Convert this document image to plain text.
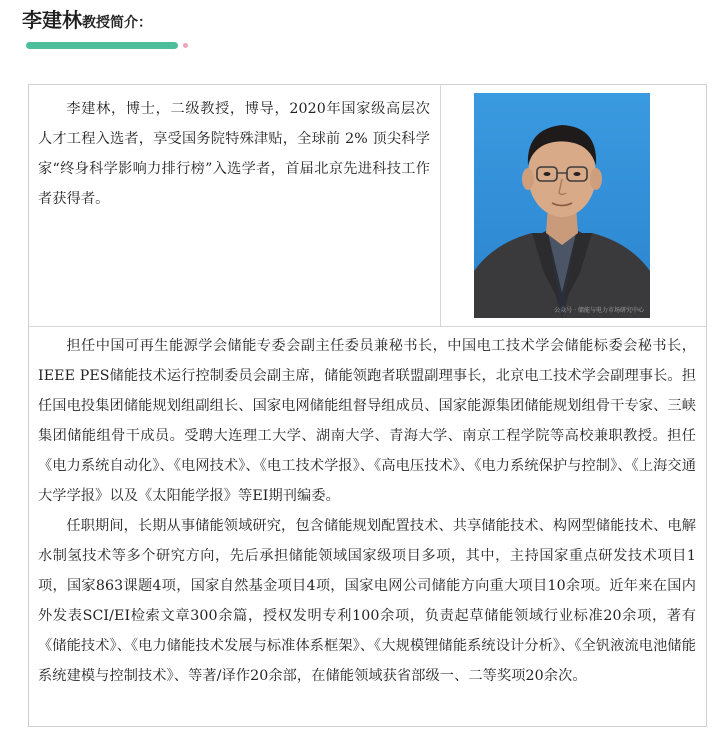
李建林教授简介：

李建林，博士，二级教授，博导，2020年国家级高层次人才工程入选者，享受国务院特殊津贴，全球前 2% 顶尖科学家“终身科学影响力排行榜”入选学者，首届北京先进科技工作者获得者。

公众号 · 储能与电力市场研究中心

担任中国可再生能源学会储能专委会副主任委员兼秘书长，中国电工技术学会储能标委会秘书长，IEEE PES储能技术运行控制委员会副主席，储能领跑者联盟副理事长，北京电工技术学会副理事长。担任国电投集团储能规划组副组长、国家电网储能组督导组成员、国家能源集团储能规划组骨干专家、三峡集团储能组骨干成员。受聘大连理工大学、湖南大学、青海大学、南京工程学院等高校兼职教授。担任《电力系统自动化》、《电网技术》、《电工技术学报》、《高电压技术》、《电力系统保护与控制》、《上海交通大学学报》以及《太阳能学报》等EI期刊编委。

任职期间，长期从事储能领域研究，包含储能规划配置技术、共享储能技术、构网型储能技术、电解水制氢技术等多个研究方向，先后承担储能领域国家级项目多项，其中，主持国家重点研发技术项目1项，国家863课题4项，国家自然基金项目4项，国家电网公司储能方向重大项目10余项。近年来在国内外发表SCI/EI检索文章300余篇，授权发明专利100余项，负责起草储能领域行业标准20余项，著有《储能技术》、《电力储能技术发展与标准体系框架》、《大规模锂储能系统设计分析》、《全钒液流电池储能系统建模与控制技术》、等著/译作20余部，在储能领域获省部级一、二等奖项20余次。
